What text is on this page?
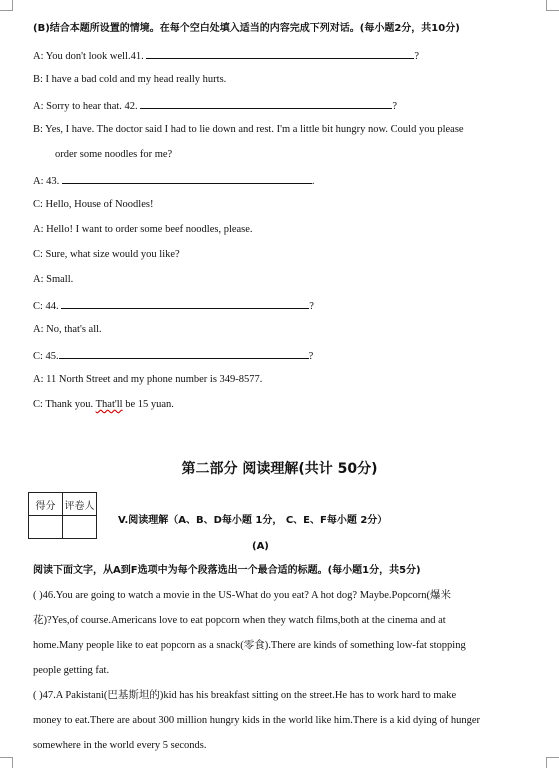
(B)结合本题所设置的情境。在每个空白处填入适当的内容完成下列对话。(每小题2分，共10分)
A: You don't look well.41.	?
B: I have a bad cold and my head really hurts.
A: Sorry to hear that. 42.	?
B: Yes, I have. The doctor said I had to lie down and rest. I'm a little bit hungry now. Could you please
order some noodles for me?
A: 43.	.
C: Hello, House of Noodles!
A: Hello! I want to order some beef noodles, please.
C: Sure, what size would you like?
A: Small.
C: 44.	?
A: No, that's all.
C: 45.	?
A: 11 North Street and my phone number is 349-8577.
C: Thank you. That'll be 15 yuan.
第二部分 阅读理解(共计 50分)
得分	评卷人

V.阅读理解（A、B、D每小题 1分， C、E、F每小题 2分）
(A)
阅读下面文字，从A到F选项中为每个段落选出一个最合适的标题。(每小题1分，共5分)
( )46.You are going to watch a movie in the US-What do you eat? A hot dog? Maybe.Popcorn(爆米
花)?Yes,of course.Americans love to eat popcorn when they watch films,both at the cinema and at
home.Many people like to eat popcorn as a snack(零食).There are kinds of something low-fat stopping
people getting fat.
( )47.A Pakistani(巴基斯坦的)kid has his breakfast sitting on the street.He has to work hard to make
money to eat.There are about 300 million hungry kids in the world like him.There is a kid dying of hunger
somewhere in the world every 5 seconds.
